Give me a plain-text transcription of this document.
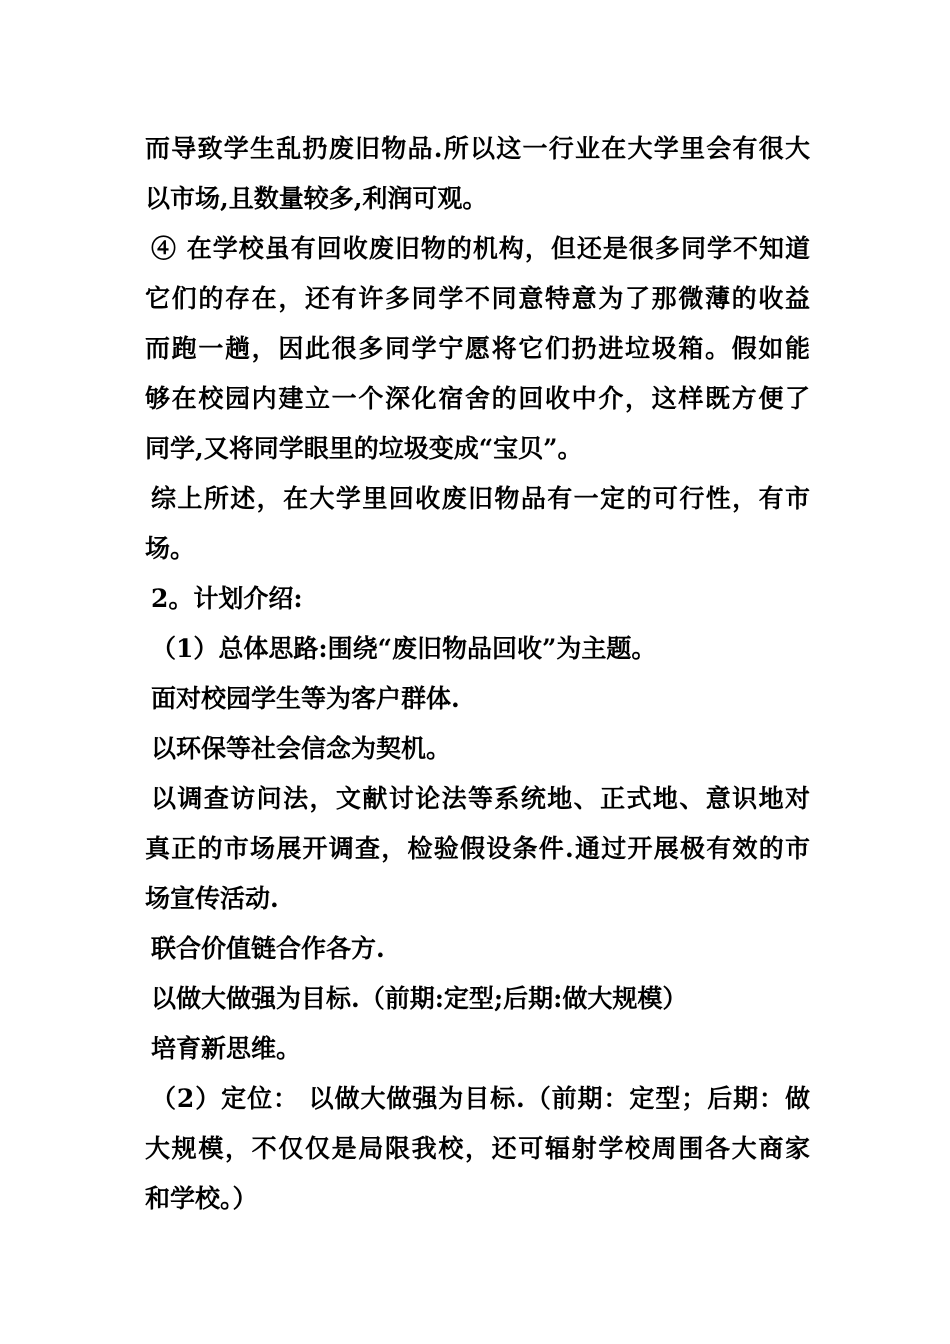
而导致学生乱扔废旧物品.所以这一行业在大学里会有很大
以市场,且数量较多,利润可观。
④ 在学校虽有回收废旧物的机构，但还是很多同学不知道
它们的存在，还有许多同学不同意特意为了那微薄的收益
而跑一趟，因此很多同学宁愿将它们扔进垃圾箱。假如能
够在校园内建立一个深化宿舍的回收中介，这样既方便了
同学,又将同学眼里的垃圾变成“宝贝”。
综上所述，在大学里回收废旧物品有一定的可行性，有市
场。
2。计划介绍:
（1）总体思路:围绕“废旧物品回收”为主题。
面对校园学生等为客户群体.
以环保等社会信念为契机。
以调查访问法，文献讨论法等系统地、正式地、意识地对
真正的市场展开调查，检验假设条件.通过开展极有效的市
场宣传活动.
联合价值链合作各方.
以做大做强为目标.（前期:定型;后期:做大规模）
培育新思维。
（2）定位： 以做大做强为目标.（前期：定型；后期：做
大规模，不仅仅是局限我校，还可辐射学校周围各大商家
和学校。）
